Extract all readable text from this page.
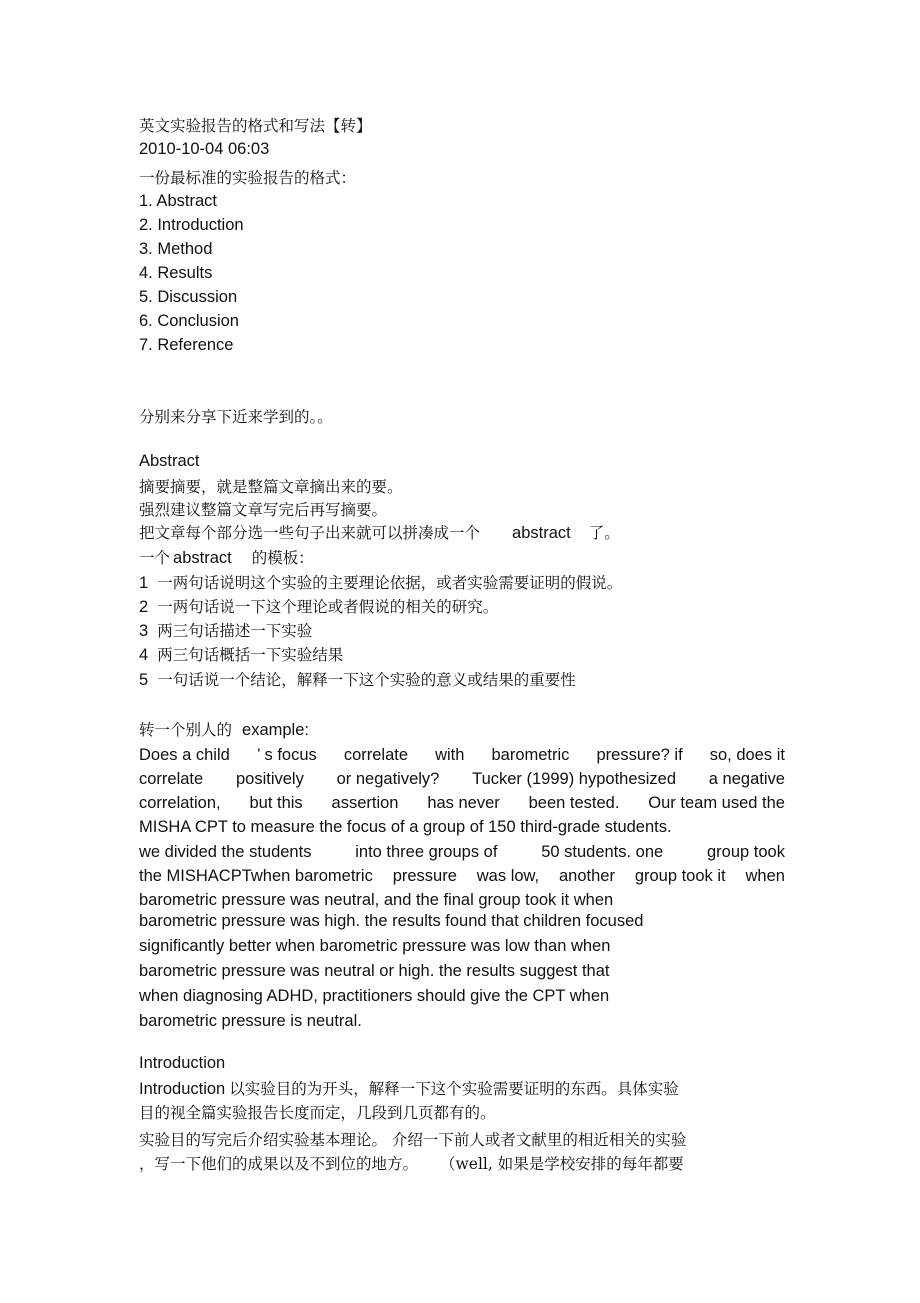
英文实验报告的格式和写法【转】
2010-10-04 06:03
一份最标准的实验报告的格式：
1. Abstract
2. Introduction
3. Method
4. Results
5. Discussion
6. Conclusion
7. Reference
分别来分享下近来学到的。。
Abstract
摘要摘要，就是整篇文章摘出来的要。
强烈建议整篇文章写完后再写摘要。
把文章每个部分选一些句子出来就可以拼凑成一个 abstract 了。
一个 abstract 的模板：
1 一两句话说明这个实验的主要理论依据，或者实验需要证明的假说。
2 一两句话说一下这个理论或者假说的相关的研究。
3 两三句话描述一下实验
4 两三句话概括一下实验结果
5 一句话说一个结论，解释一下这个实验的意义或结果的重要性
转一个别人的 example:
Does a child ’ s focus correlate with barometric pressure? if so, does it
correlate positively or negatively? Tucker (1999) hypothesized a negative
correlation, but this assertion has never been tested. Our team used the
MISHA CPT to measure the focus of a group of 150 third-grade students.
we divided the students	into three groups of	50 students. one	group took
the MISHACPTwhen barometric pressure was low, another group took it when
barometric pressure was neutral, and the final group took it when
barometric pressure was high. the results found that children focused
significantly better when barometric pressure was low than when
barometric pressure was neutral or high. the results suggest that
when diagnosing ADHD, practitioners should give the CPT when
barometric pressure is neutral.
Introduction
Introduction 以实验目的为开头，解释一下这个实验需要证明的东西。具体实验
目的视全篇实验报告长度而定，几段到几页都有的。
实验目的写完后介绍实验基本理论。 介绍一下前人或者文献里的相近相关的实验
，写一下他们的成果以及不到位的地方。 （well, 如果是学校安排的每年都要
